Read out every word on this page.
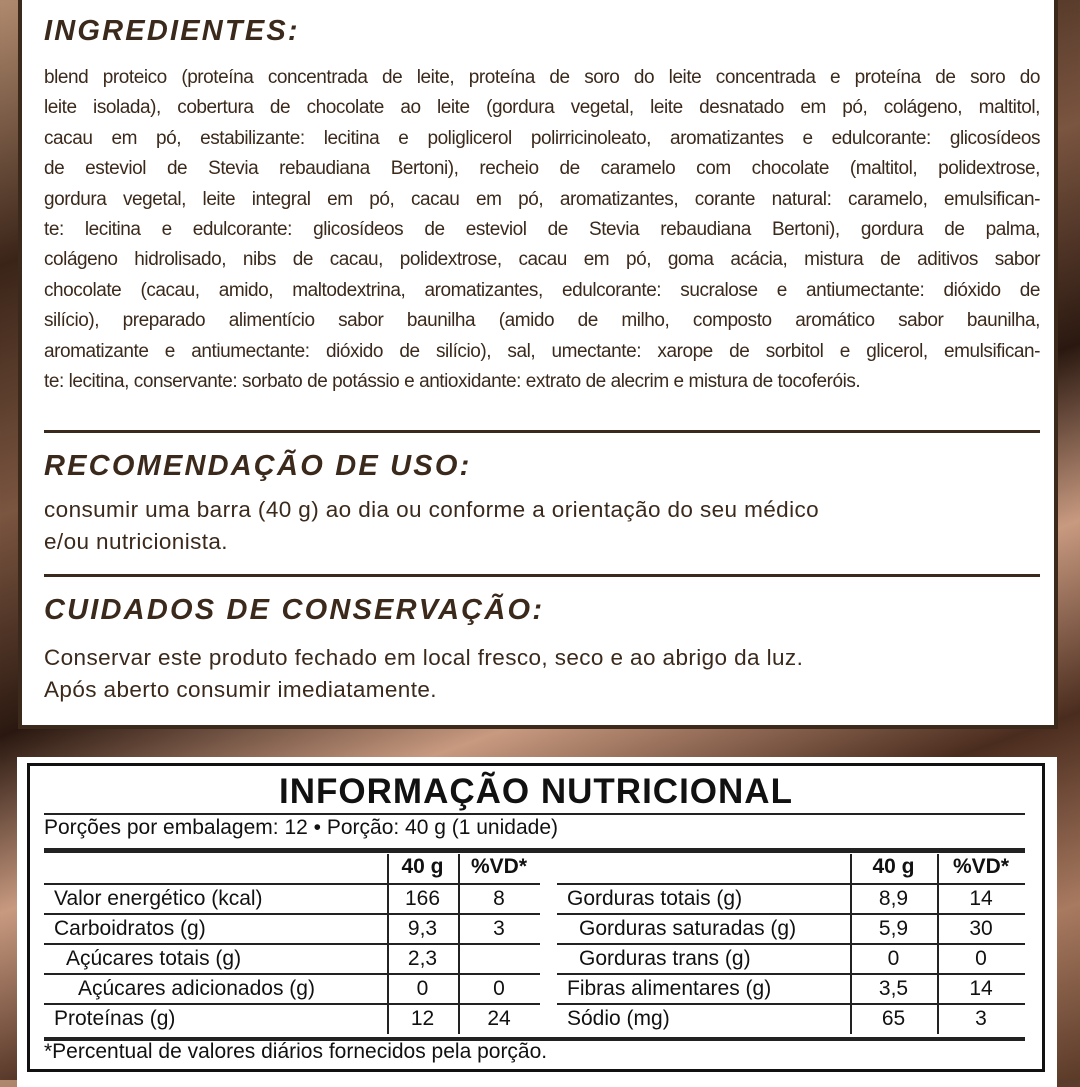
INGREDIENTES:
blend proteico (proteína concentrada de leite, proteína de soro do leite concentrada e proteína de soro do
leite isolada), cobertura de chocolate ao leite (gordura vegetal, leite desnatado em pó, colágeno, maltitol,
cacau em pó, estabilizante: lecitina e poliglicerol polirricinoleato, aromatizantes e edulcorante: glicosídeos
de esteviol de Stevia rebaudiana Bertoni), recheio de caramelo com chocolate (maltitol, polidextrose,
gordura vegetal, leite integral em pó, cacau em pó, aromatizantes, corante natural: caramelo, emulsifican-
te: lecitina e edulcorante: glicosídeos de esteviol de Stevia rebaudiana Bertoni), gordura de palma,
colágeno hidrolisado, nibs de cacau, polidextrose, cacau em pó, goma acácia, mistura de aditivos sabor
chocolate (cacau, amido, maltodextrina, aromatizantes, edulcorante: sucralose e antiumectante: dióxido de
silício), preparado alimentício sabor baunilha (amido de milho, composto aromático sabor baunilha,
aromatizante e antiumectante: dióxido de silício), sal, umectante: xarope de sorbitol e glicerol, emulsifican-
te: lecitina, conservante: sorbato de potássio e antioxidante: extrato de alecrim e mistura de tocoferóis.
RECOMENDAÇÃO DE USO:
consumir uma barra (40 g) ao dia ou conforme a orientação do seu médico
e/ou nutricionista.
CUIDADOS DE CONSERVAÇÃO:
Conservar este produto fechado em local fresco, seco e ao abrigo da luz.
Após aberto consumir imediatamente.
INFORMAÇÃO NUTRICIONAL
Porções por embalagem: 12 • Porção: 40 g (1 unidade)
*Percentual de valores diários fornecidos pela porção.
40 g	%VD*
Valor energético (kcal)	166	8
Carboidratos (g)	9,3	3
Açúcares totais (g)	2,3
Açúcares adicionados (g)	0	0
Proteínas (g)	12	24
40 g	%VD*
Gorduras totais (g)	8,9	14
Gorduras saturadas (g)	5,9	30
Gorduras trans (g)	0	0
Fibras alimentares (g)	3,5	14
Sódio (mg)	65	3
